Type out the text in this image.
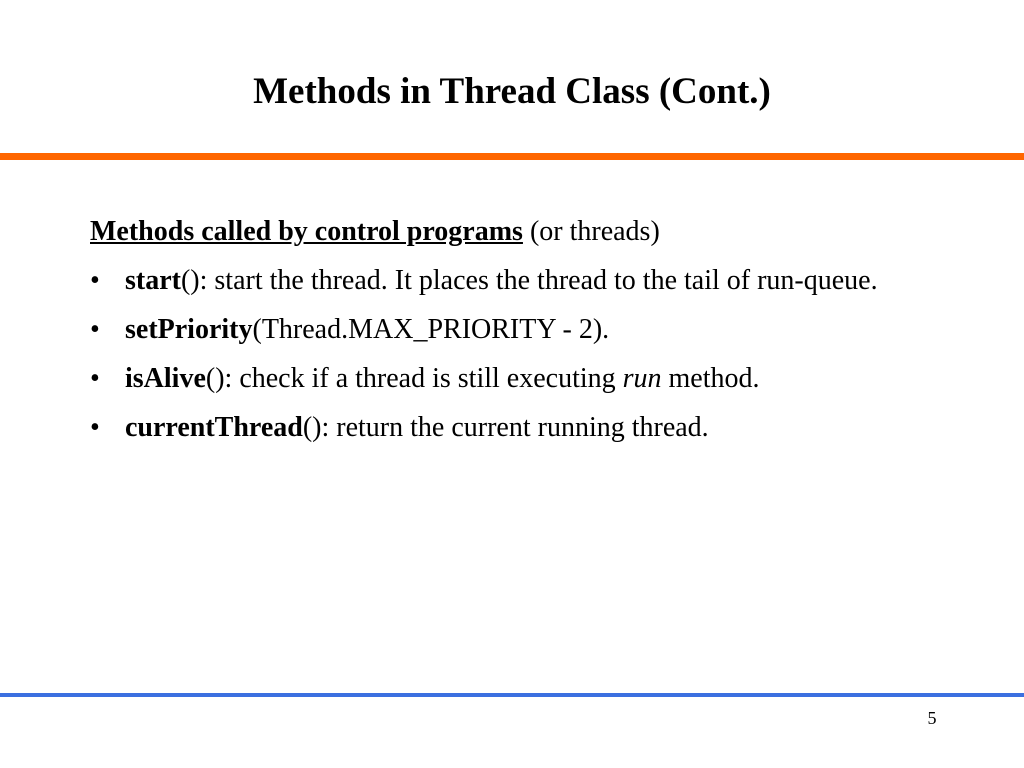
Methods in Thread Class (Cont.)
Methods called by control programs (or threads)
• start(): start the thread. It places the thread to the tail of run-queue.
• setPriority(Thread.MAX_PRIORITY - 2).
• isAlive(): check if a thread is still executing run method.
• currentThread(): return the current running thread.
5
